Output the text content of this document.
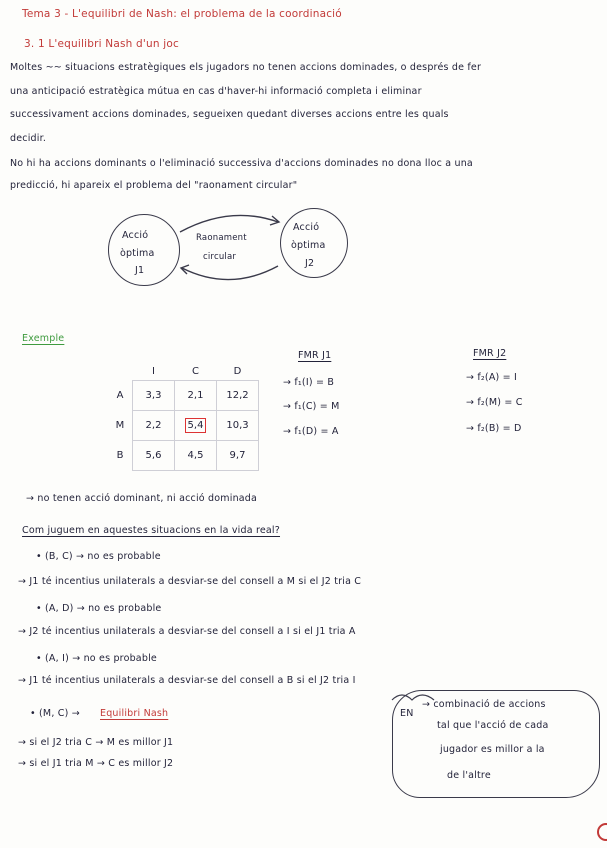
Tema 3 - L'equilibri de Nash: el problema de la coordinació
3. 1 L'equilibri Nash d'un joc
Moltes ~~ situacions estratègiques els jugadors no tenen accions dominades, o després de fer
una anticipació estratègica mútua en cas d'haver-hi informació completa i eliminar
successivament accions dominades, segueixen quedant diverses accions entre les quals
decidir.
No hi ha accions dominants o l'eliminació successiva d'accions dominades no dona lloc a una
predicció, hi apareix el problema del "raonament circular"
Acció
òptima
J1
Acció
òptima
J2
Raonament
circular
Exemple
	I	C	D
A	3,3	2,1	12,2
M	2,2	5,4	10,3
B	5,6	4,5	9,7
FMR J1
→ f₁(I) = B
→ f₁(C) = M
→ f₁(D) = A
FMR J2
→ f₂(A) = I
→ f₂(M) = C
→ f₂(B) = D
→ no tenen acció dominant, ni acció dominada
Com juguem en aquestes situacions en la vida real?
• (B, C) → no es probable
→ J1 té incentius unilaterals a desviar-se del consell a M si el J2 tria C
• (A, D) → no es probable
→ J2 té incentius unilaterals a desviar-se del consell a I si el J1 tria A
• (A, I) → no es probable
→ J1 té incentius unilaterals a desviar-se del consell a B si el J2 tria I
• (M, C) → Equilibri Nash
→ si el J2 tria C → M es millor J1
→ si el J1 tria M → C es millor J2
EN
→ combinació de accions
tal que l'acció de cada
jugador es millor a la
de l'altre
